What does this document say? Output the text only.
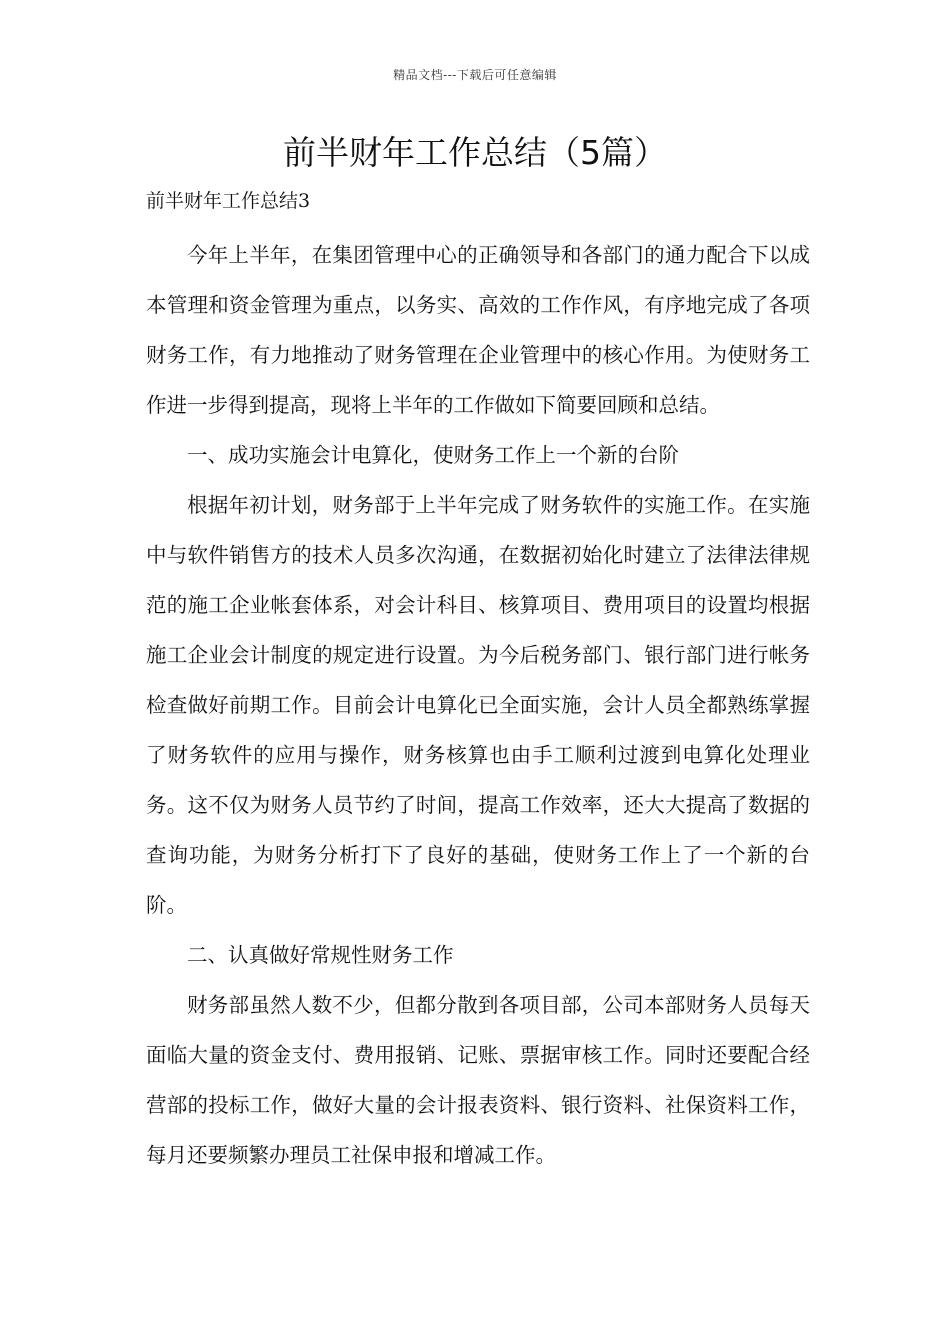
精品文档---下载后可任意编辑
前半财年工作总结（5篇）
前半财年工作总结3

今年上半年，在集团管理中心的正确领导和各部门的通力配合下以成本管理和资金管理为重点，以务实、高效的工作作风，有序地完成了各项财务工作，有力地推动了财务管理在企业管理中的核心作用。为使财务工作进一步得到提高，现将上半年的工作做如下简要回顾和总结。

一、成功实施会计电算化，使财务工作上一个新的台阶

根据年初计划，财务部于上半年完成了财务软件的实施工作。在实施中与软件销售方的技术人员多次沟通，在数据初始化时建立了法律法律规范的施工企业帐套体系，对会计科目、核算项目、费用项目的设置均根据施工企业会计制度的规定进行设置。为今后税务部门、银行部门进行帐务检查做好前期工作。目前会计电算化已全面实施，会计人员全都熟练掌握了财务软件的应用与操作，财务核算也由手工顺利过渡到电算化处理业务。这不仅为财务人员节约了时间，提高工作效率，还大大提高了数据的查询功能，为财务分析打下了良好的基础，使财务工作上了一个新的台阶。

二、认真做好常规性财务工作

财务部虽然人数不少，但都分散到各项目部，公司本部财务人员每天面临大量的资金支付、费用报销、记账、票据审核工作。同时还要配合经营部的投标工作，做好大量的会计报表资料、银行资料、社保资料工作，每月还要频繁办理员工社保申报和增减工作。
